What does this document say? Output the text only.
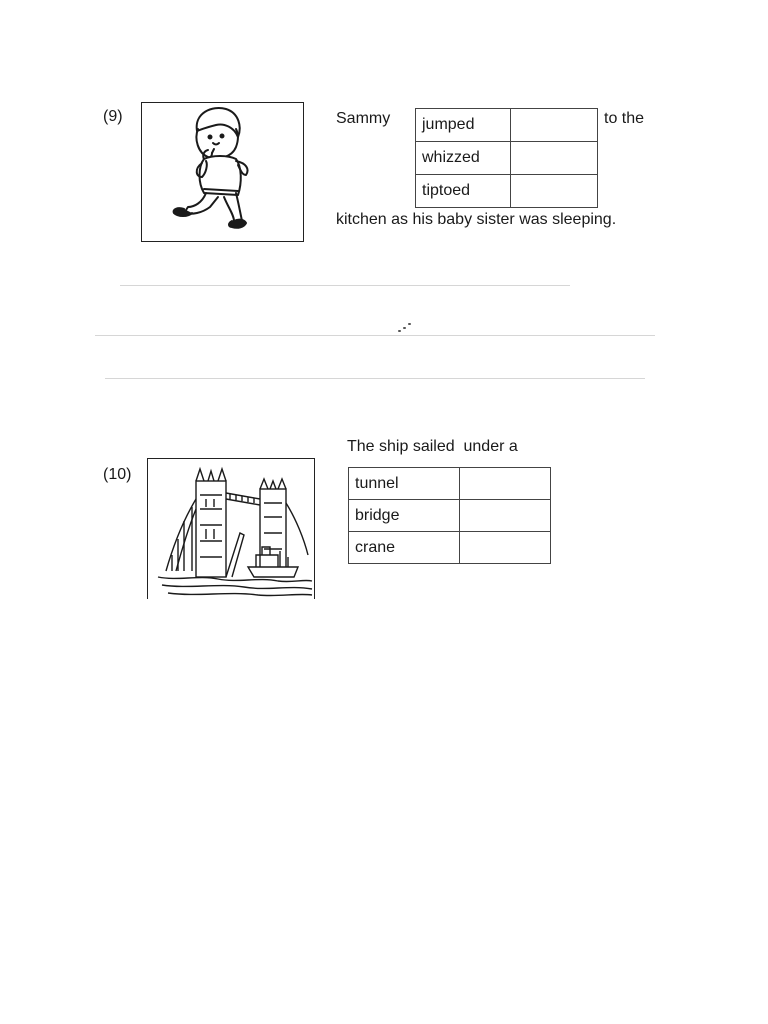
(9)	Sammy jumped	
whizzed	
tiptoed	
to the
kitchen as his baby sister was sleeping.
The ship sailed  under a
(10)	tunnel	
bridge	
crane	
